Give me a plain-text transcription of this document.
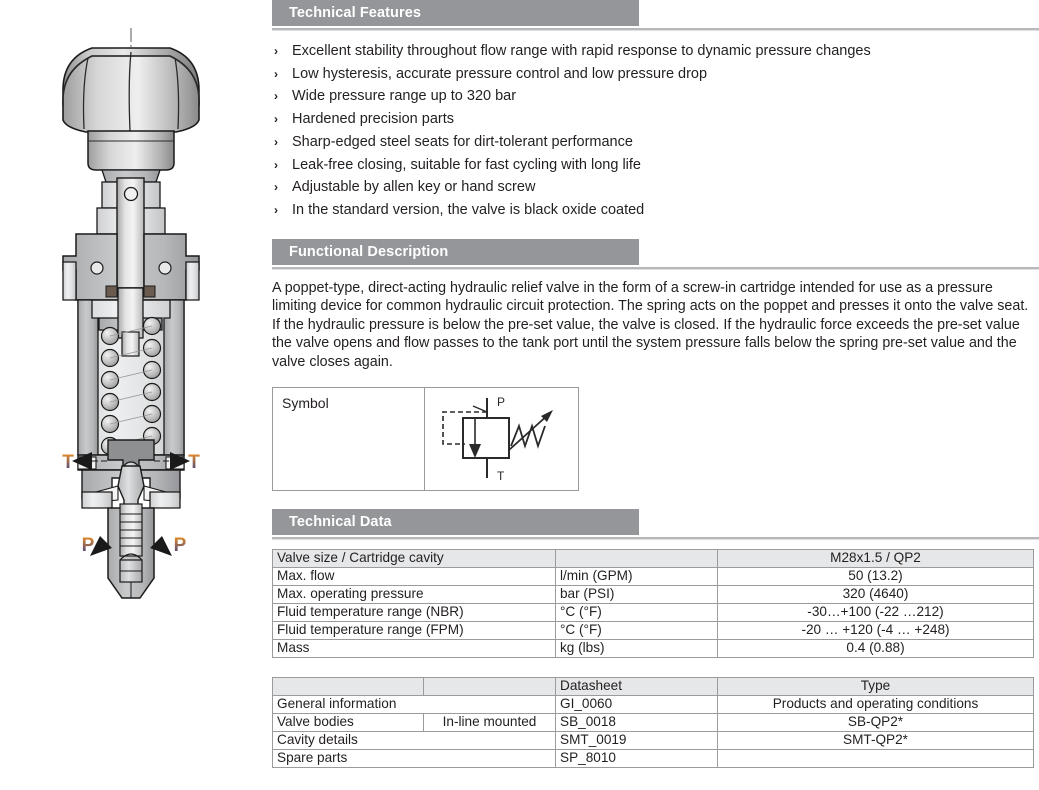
T	T
P	P
Technical Features
› Excellent stability throughout flow range with rapid response to dynamic pressure changes
› Low hysteresis, accurate pressure control and low pressure drop
› Wide pressure range up to 320 bar
› Hardened precision parts
› Sharp-edged steel seats for dirt-tolerant performance
› Leak-free closing, suitable for fast cycling with long life
› Adjustable by allen key or hand screw
› In the standard version, the valve is black oxide coated
Functional Description
A poppet-type, direct-acting hydraulic relief valve in the form of a screw-in cartridge intended for use as a pressure limiting device for common hydraulic circuit protection. The spring acts on the poppet and presses it onto the valve seat. If the hydraulic pressure is below the pre-set value, the valve is closed. If the hydraulic force exceeds the pre-set value the valve opens and flow passes to the tank port until the system pressure falls below the spring pre-set value and the valve closes again.
Symbol	P
T
Technical Data
Valve size / Cartridge cavity		M28x1.5 / QP2
Max. flow	l/min (GPM)	50 (13.2)
Max. operating pressure	bar (PSI)	320 (4640)
Fluid temperature range (NBR)	°C (°F)	-30…+100 (-22 …212)
Fluid temperature range (FPM)	°C (°F)	-20 … +120 (-4 … +248)
Mass	kg (lbs)	0.4 (0.88)
		Datasheet	Type
General information		GI_0060	Products and operating conditions
Valve bodies	In-line mounted	SB_0018	SB-QP2*
Cavity details		SMT_0019	SMT-QP2*
Spare parts		SP_8010	
